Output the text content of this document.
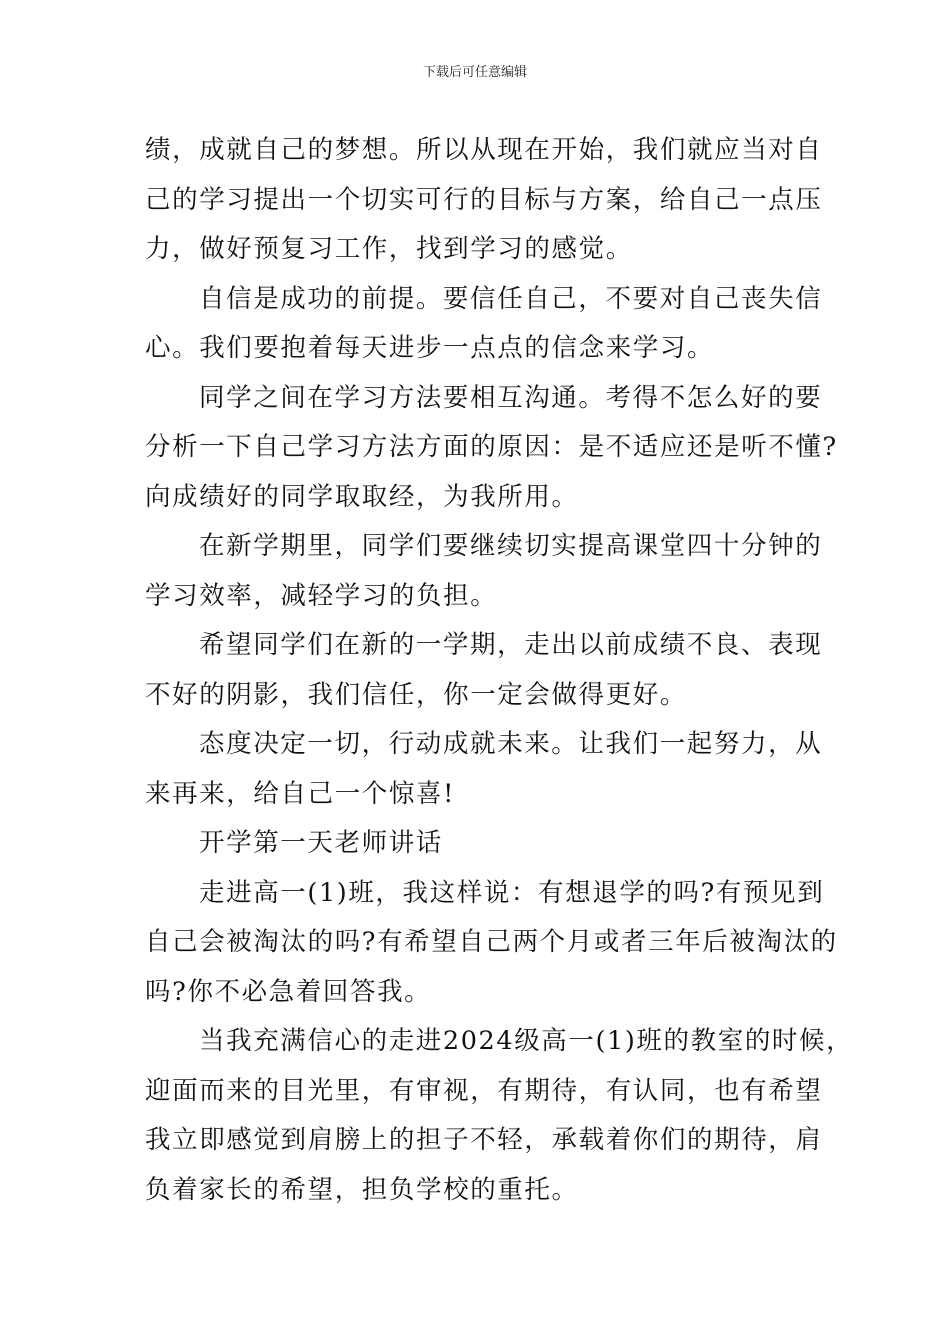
下载后可任意编辑

绩，成就自己的梦想。所以从现在开始，我们就应当对自
己的学习提出一个切实可行的目标与方案，给自己一点压
力，做好预复习工作，找到学习的感觉。

自信是成功的前提。要信任自己，不要对自己丧失信
心。我们要抱着每天进步一点点的信念来学习。

同学之间在学习方法要相互沟通。考得不怎么好的要
分析一下自己学习方法方面的原因：是不适应还是听不懂?
向成绩好的同学取取经，为我所用。

在新学期里，同学们要继续切实提高课堂四十分钟的
学习效率，减轻学习的负担。

希望同学们在新的一学期，走出以前成绩不良、表现
不好的阴影，我们信任，你一定会做得更好。

态度决定一切，行动成就未来。让我们一起努力，从
来再来，给自己一个惊喜!

开学第一天老师讲话

走进高一(1)班，我这样说：有想退学的吗?有预见到
自己会被淘汰的吗?有希望自己两个月或者三年后被淘汰的
吗?你不必急着回答我。

当我充满信心的走进2024级高一(1)班的教室的时候，
迎面而来的目光里，有审视，有期待，有认同，也有希望
我立即感觉到肩膀上的担子不轻，承载着你们的期待，肩
负着家长的希望，担负学校的重托。
